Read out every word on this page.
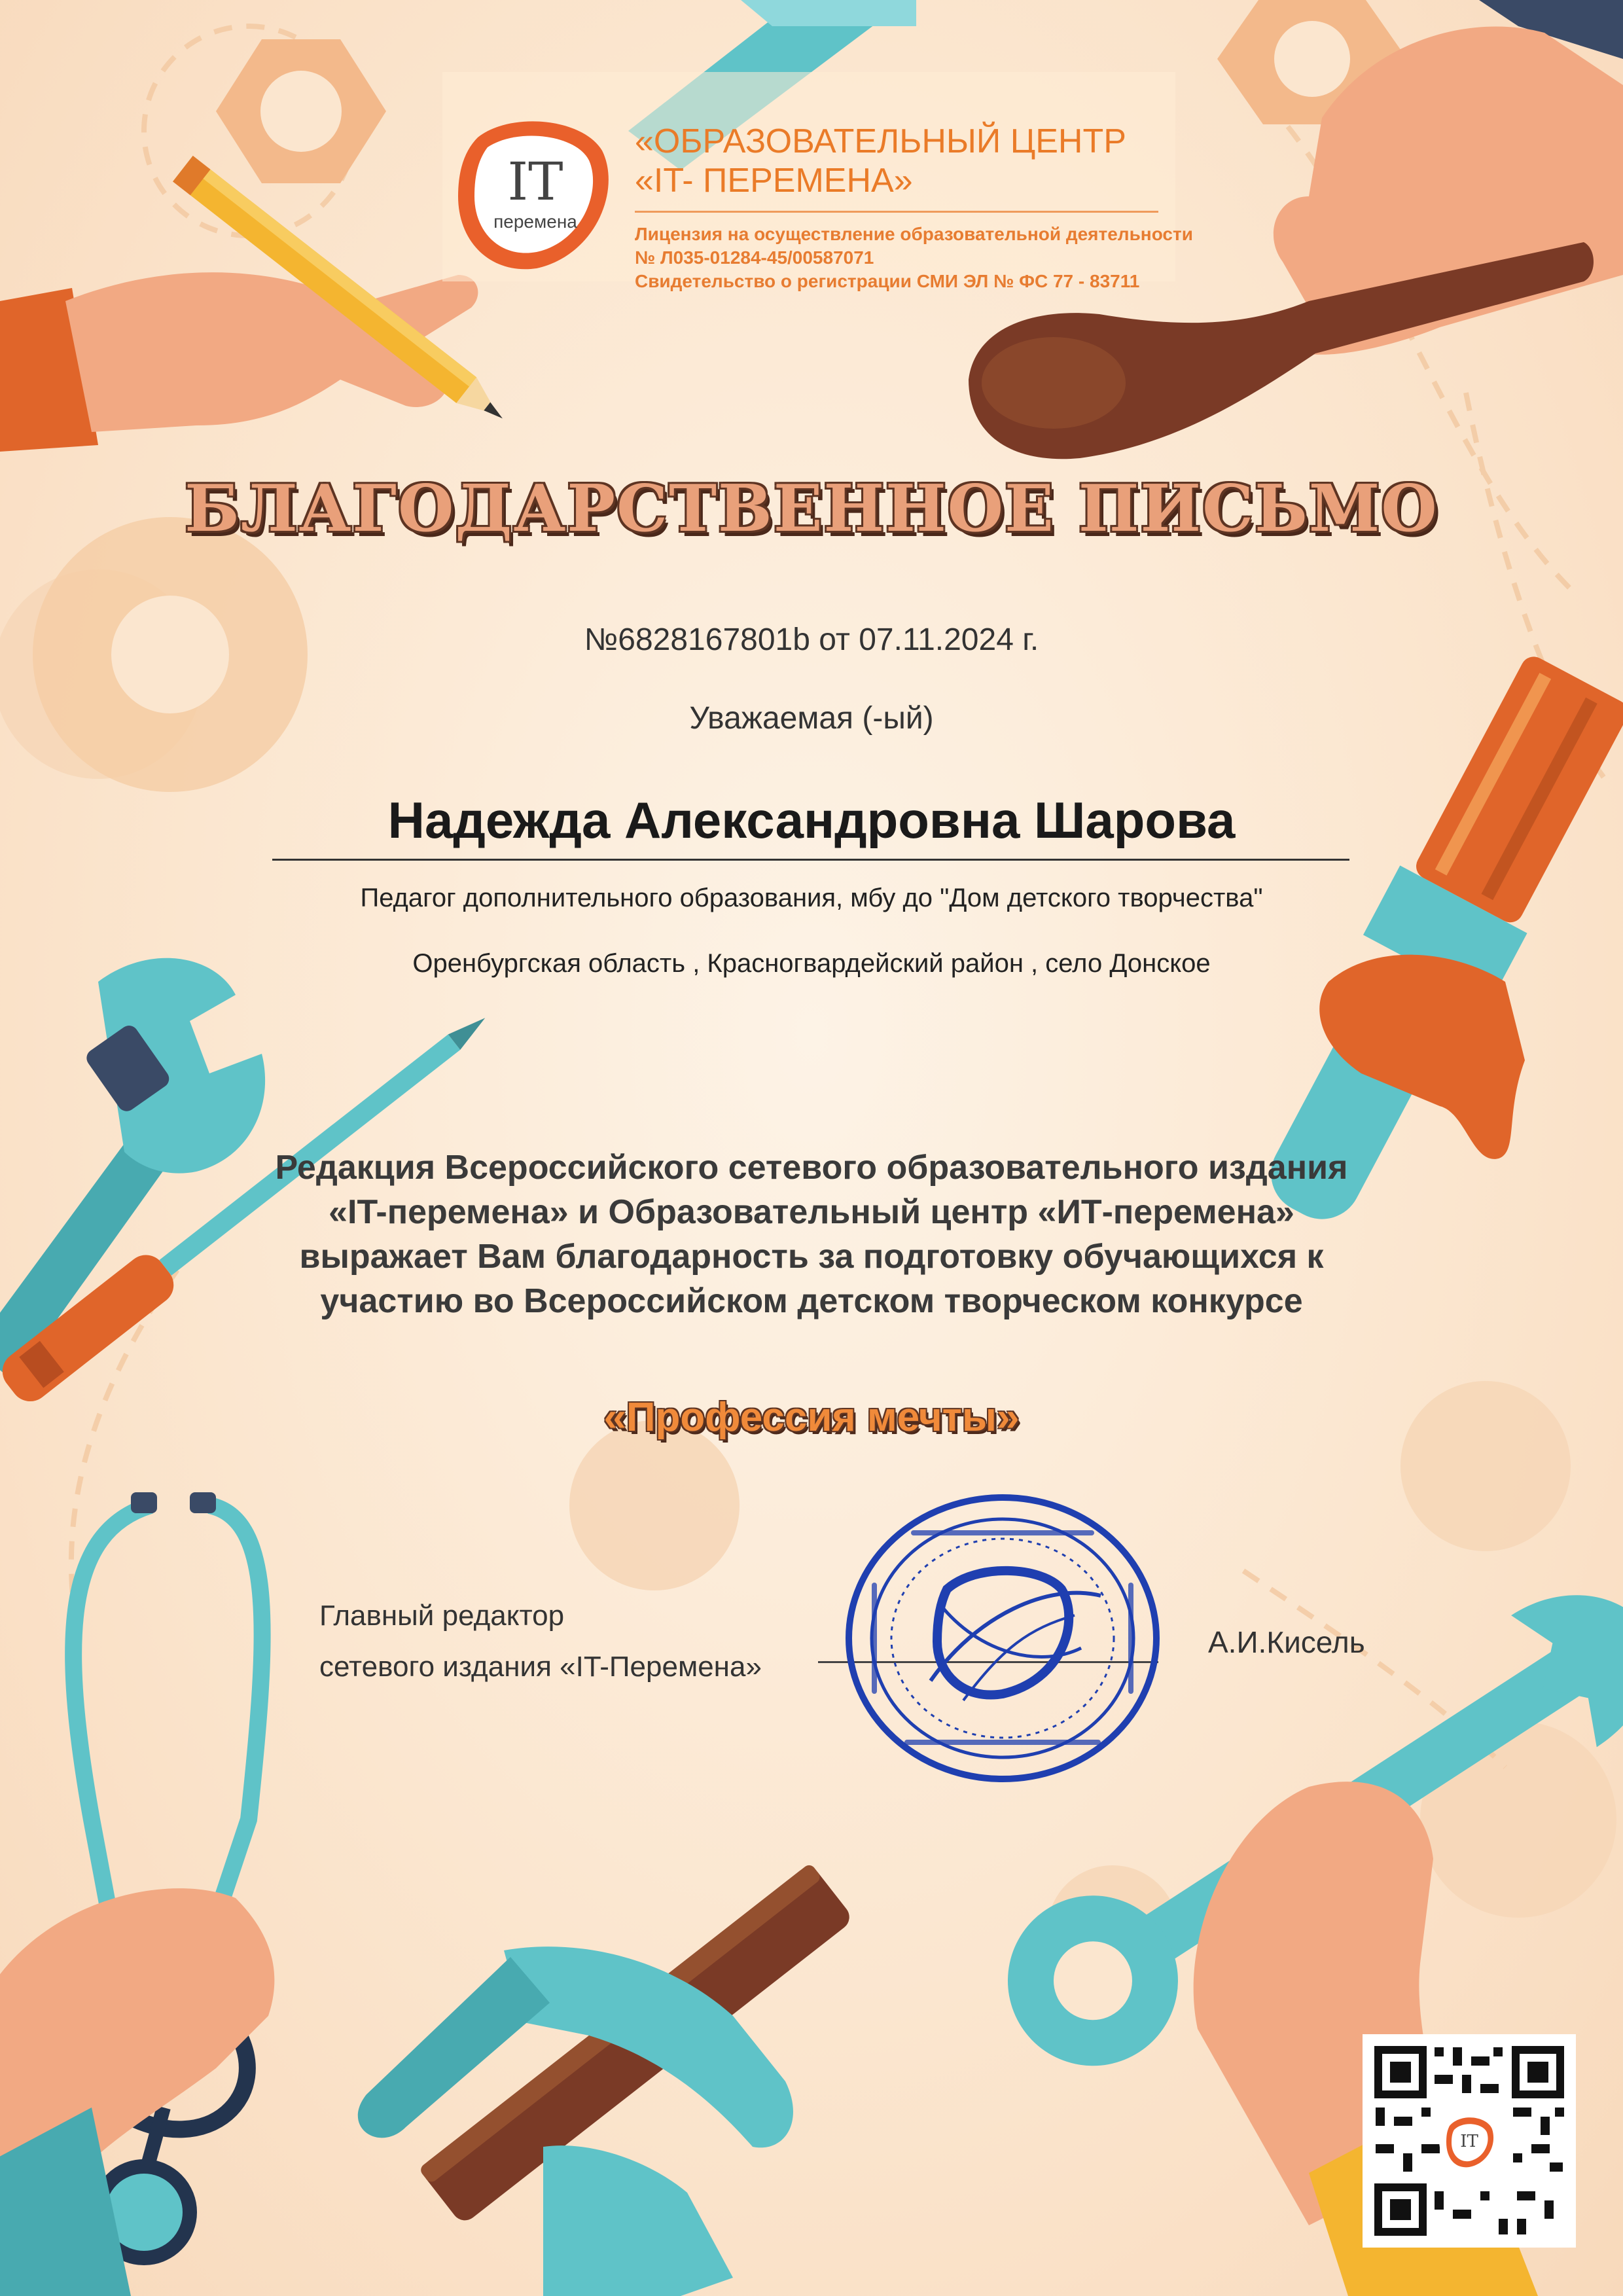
IT
перемена
«ОБРАЗОВАТЕЛЬНЫЙ ЦЕНТР
«IT- ПЕРЕМЕНА»
Лицензия на осуществление образовательной деятельности
№ Л035-01284-45/00587071
Свидетельство о регистрации СМИ ЭЛ № ФС 77 - 83711
БЛАГОДАРСТВЕННОЕ ПИСЬМО
№6828167801b от 07.11.2024 г.
Уважаемая (-ый)
Надежда Александровна Шарова
Педагог дополнительного образования, мбу до "Дом детского творчества"
Оренбургская область , Красногвардейский район , село Донское
Редакция Всероссийского сетевого образовательного издания
«IT-перемена» и Образовательный центр «ИТ-перемена»
выражает Вам благодарность за подготовку обучающихся к
участию во Всероссийском детском творческом конкурсе
«Профессия мечты»
Главный редактор
сетевого издания «IT-Перемена»
А.И.Кисель
IT
